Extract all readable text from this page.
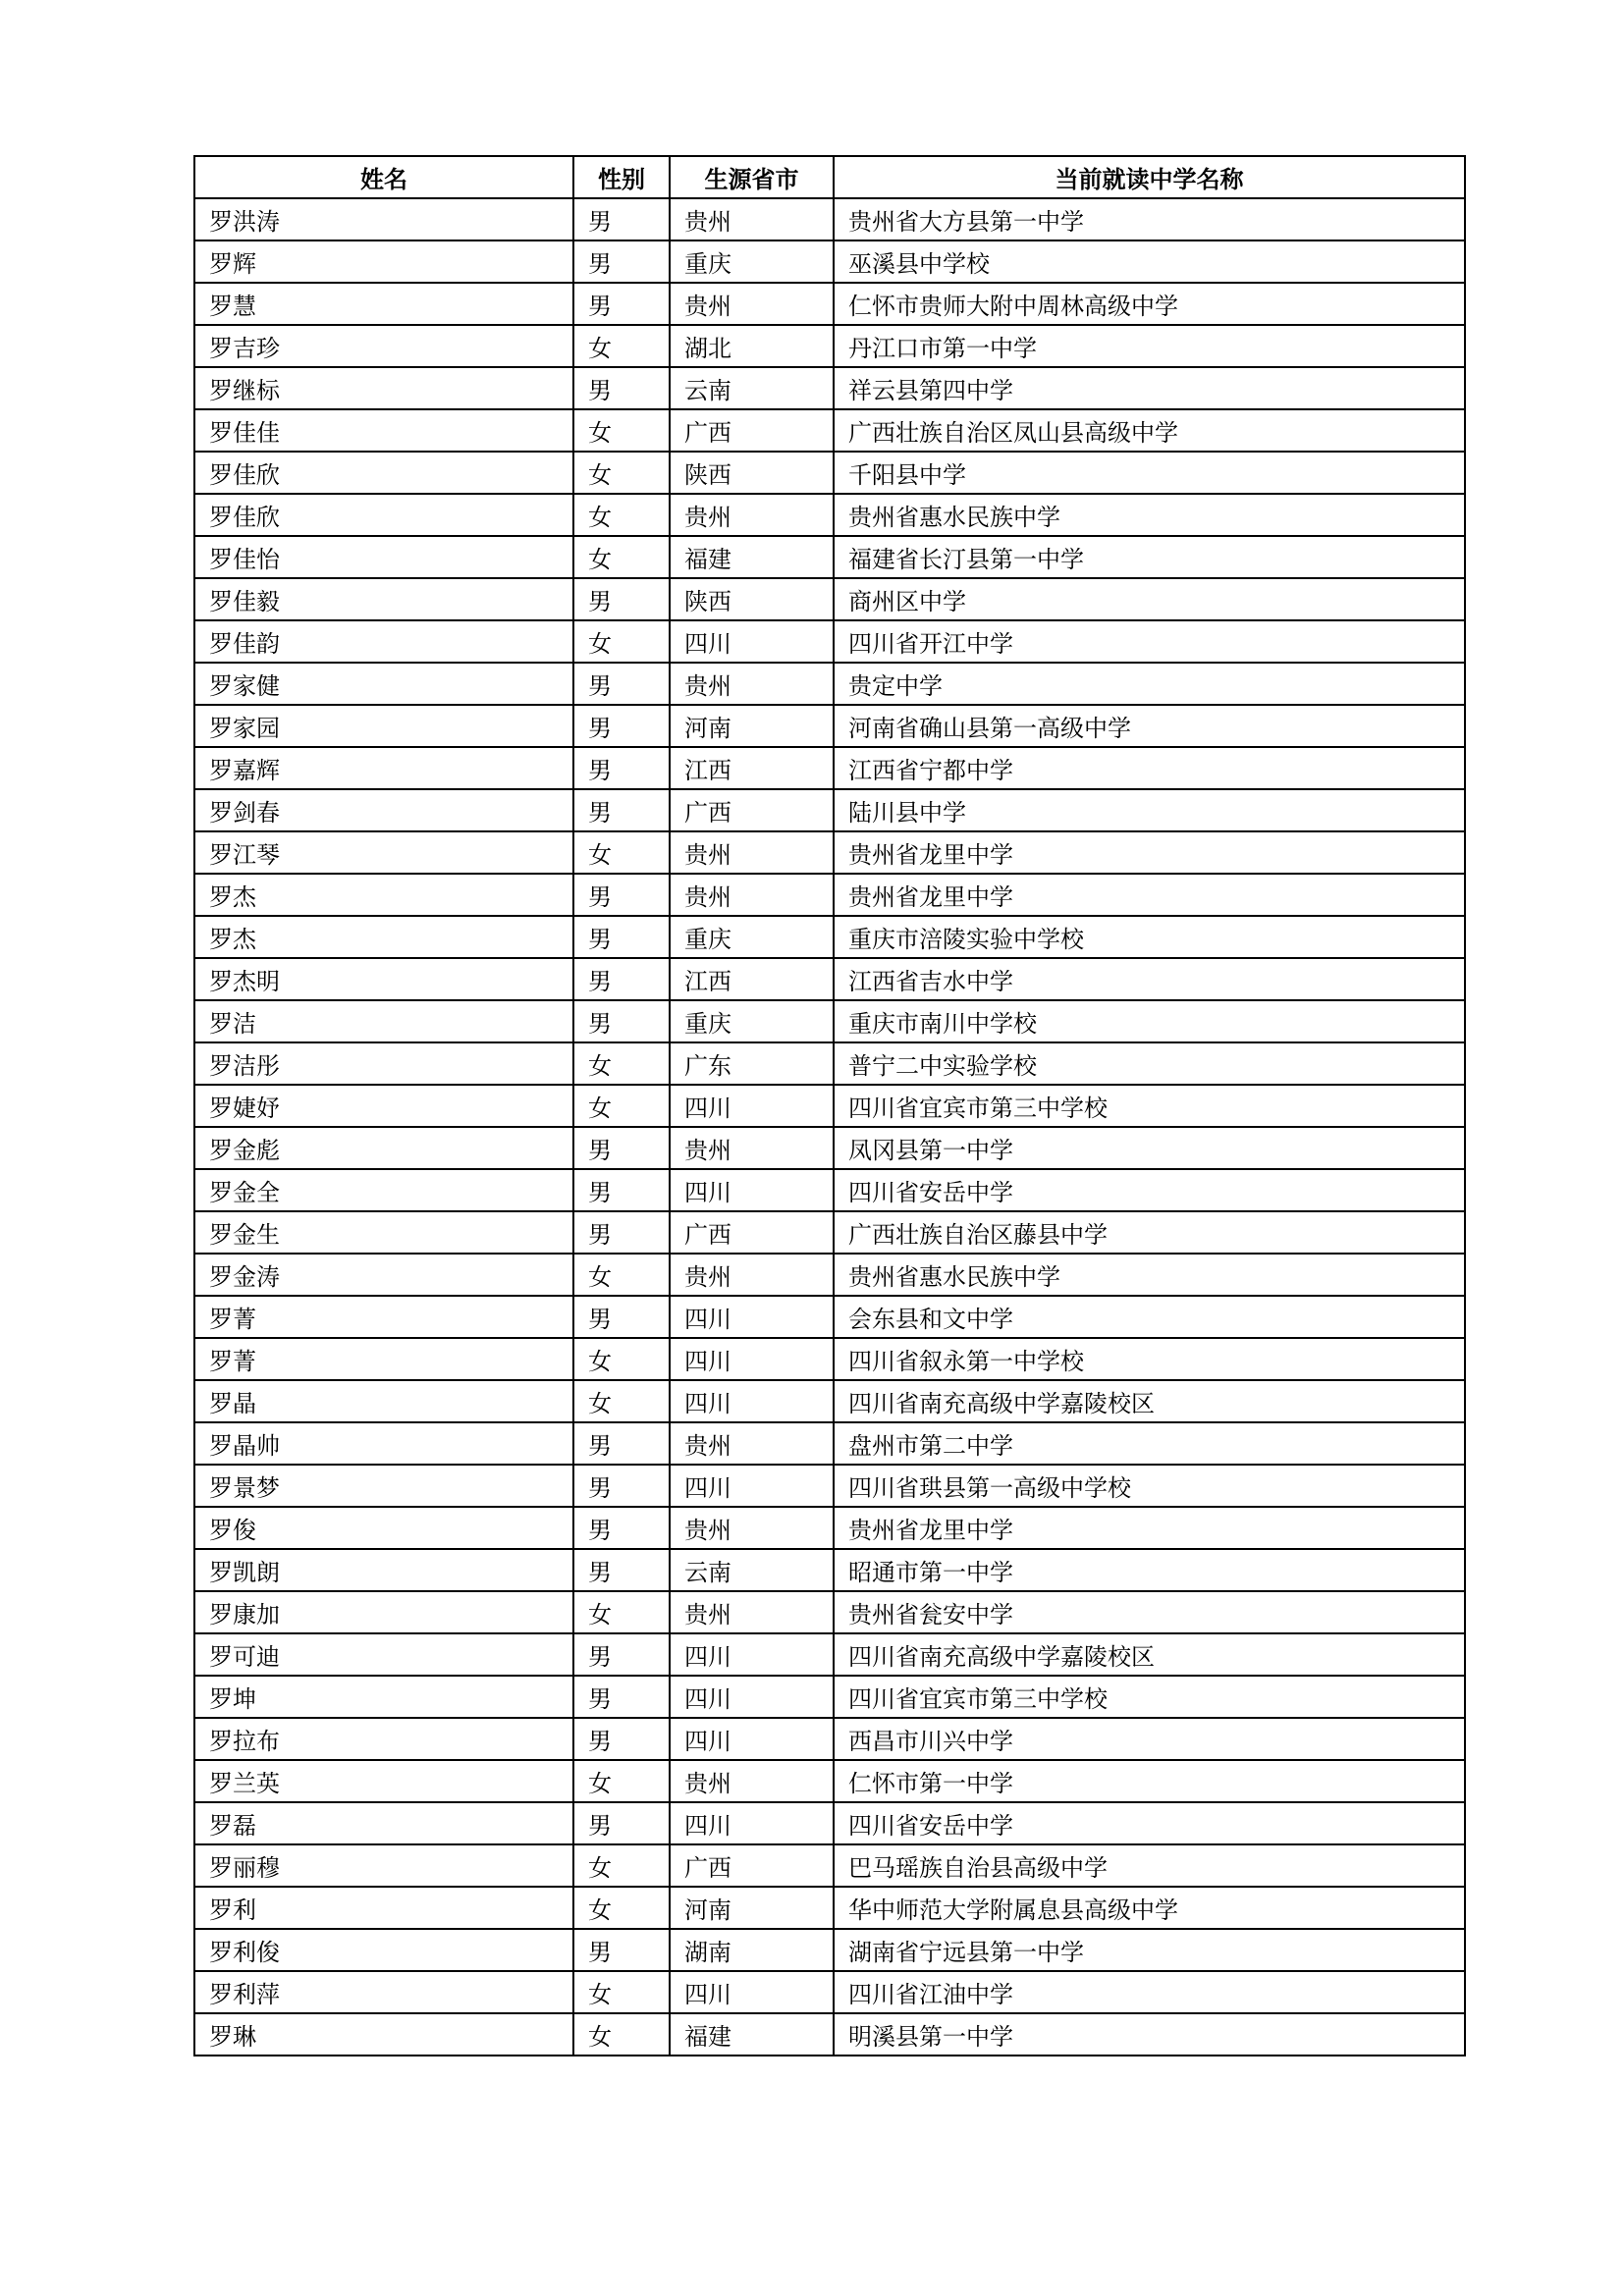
姓名	性别	生源省市	当前就读中学名称
罗洪涛	男	贵州	贵州省大方县第一中学
罗辉	男	重庆	巫溪县中学校
罗慧	男	贵州	仁怀市贵师大附中周林高级中学
罗吉珍	女	湖北	丹江口市第一中学
罗继标	男	云南	祥云县第四中学
罗佳佳	女	广西	广西壮族自治区凤山县高级中学
罗佳欣	女	陕西	千阳县中学
罗佳欣	女	贵州	贵州省惠水民族中学
罗佳怡	女	福建	福建省长汀县第一中学
罗佳毅	男	陕西	商州区中学
罗佳韵	女	四川	四川省开江中学
罗家健	男	贵州	贵定中学
罗家园	男	河南	河南省确山县第一高级中学
罗嘉辉	男	江西	江西省宁都中学
罗剑春	男	广西	陆川县中学
罗江琴	女	贵州	贵州省龙里中学
罗杰	男	贵州	贵州省龙里中学
罗杰	男	重庆	重庆市涪陵实验中学校
罗杰明	男	江西	江西省吉水中学
罗洁	男	重庆	重庆市南川中学校
罗洁彤	女	广东	普宁二中实验学校
罗婕妤	女	四川	四川省宜宾市第三中学校
罗金彪	男	贵州	凤冈县第一中学
罗金全	男	四川	四川省安岳中学
罗金生	男	广西	广西壮族自治区藤县中学
罗金涛	女	贵州	贵州省惠水民族中学
罗菁	男	四川	会东县和文中学
罗菁	女	四川	四川省叙永第一中学校
罗晶	女	四川	四川省南充高级中学嘉陵校区
罗晶帅	男	贵州	盘州市第二中学
罗景梦	男	四川	四川省珙县第一高级中学校
罗俊	男	贵州	贵州省龙里中学
罗凯朗	男	云南	昭通市第一中学
罗康加	女	贵州	贵州省瓮安中学
罗可迪	男	四川	四川省南充高级中学嘉陵校区
罗坤	男	四川	四川省宜宾市第三中学校
罗拉布	男	四川	西昌市川兴中学
罗兰英	女	贵州	仁怀市第一中学
罗磊	男	四川	四川省安岳中学
罗丽穆	女	广西	巴马瑶族自治县高级中学
罗利	女	河南	华中师范大学附属息县高级中学
罗利俊	男	湖南	湖南省宁远县第一中学
罗利萍	女	四川	四川省江油中学
罗琳	女	福建	明溪县第一中学
